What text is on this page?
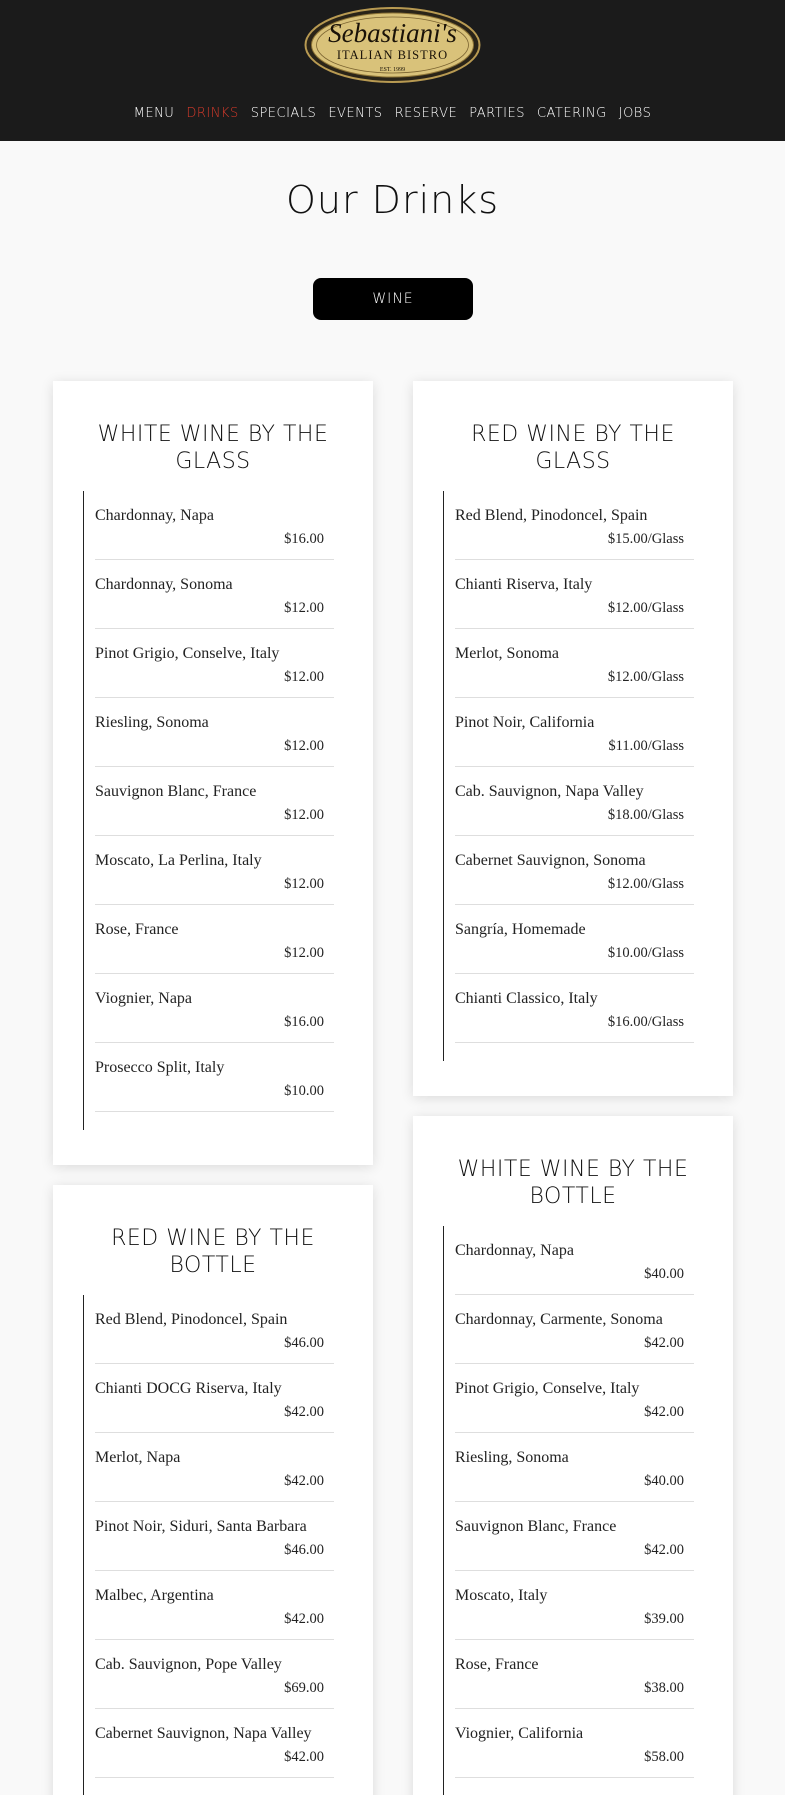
Sebastiani's
ITALIAN BISTRO
EST. 1999
MENU DRINKS SPECIALS EVENTS RESERVE PARTIES CATERING JOBS
Our Drinks
WINE
WHITE WINE BY THE GLASS
Chardonnay, Napa
$16.00
Chardonnay, Sonoma
$12.00
Pinot Grigio, Conselve, Italy
$12.00
Riesling, Sonoma
$12.00
Sauvignon Blanc, France
$12.00
Moscato, La Perlina, Italy
$12.00
Rose, France
$12.00
Viognier, Napa
$16.00
Prosecco Split, Italy
$10.00
RED WINE BY THE GLASS
Red Blend, Pinodoncel, Spain
$15.00/Glass
Chianti Riserva, Italy
$12.00/Glass
Merlot, Sonoma
$12.00/Glass
Pinot Noir, California
$11.00/Glass
Cab. Sauvignon, Napa Valley
$18.00/Glass
Cabernet Sauvignon, Sonoma
$12.00/Glass
Sangría, Homemade
$10.00/Glass
Chianti Classico, Italy
$16.00/Glass
RED WINE BY THE BOTTLE
Red Blend, Pinodoncel, Spain
$46.00
Chianti DOCG Riserva, Italy
$42.00
Merlot, Napa
$42.00
Pinot Noir, Siduri, Santa Barbara
$46.00
Malbec, Argentina
$42.00
Cab. Sauvignon, Pope Valley
$69.00
Cabernet Sauvignon, Napa Valley
$42.00
WHITE WINE BY THE BOTTLE
Chardonnay, Napa
$40.00
Chardonnay, Carmente, Sonoma
$42.00
Pinot Grigio, Conselve, Italy
$42.00
Riesling, Sonoma
$40.00
Sauvignon Blanc, France
$42.00
Moscato, Italy
$39.00
Rose, France
$38.00
Viognier, California
$58.00
